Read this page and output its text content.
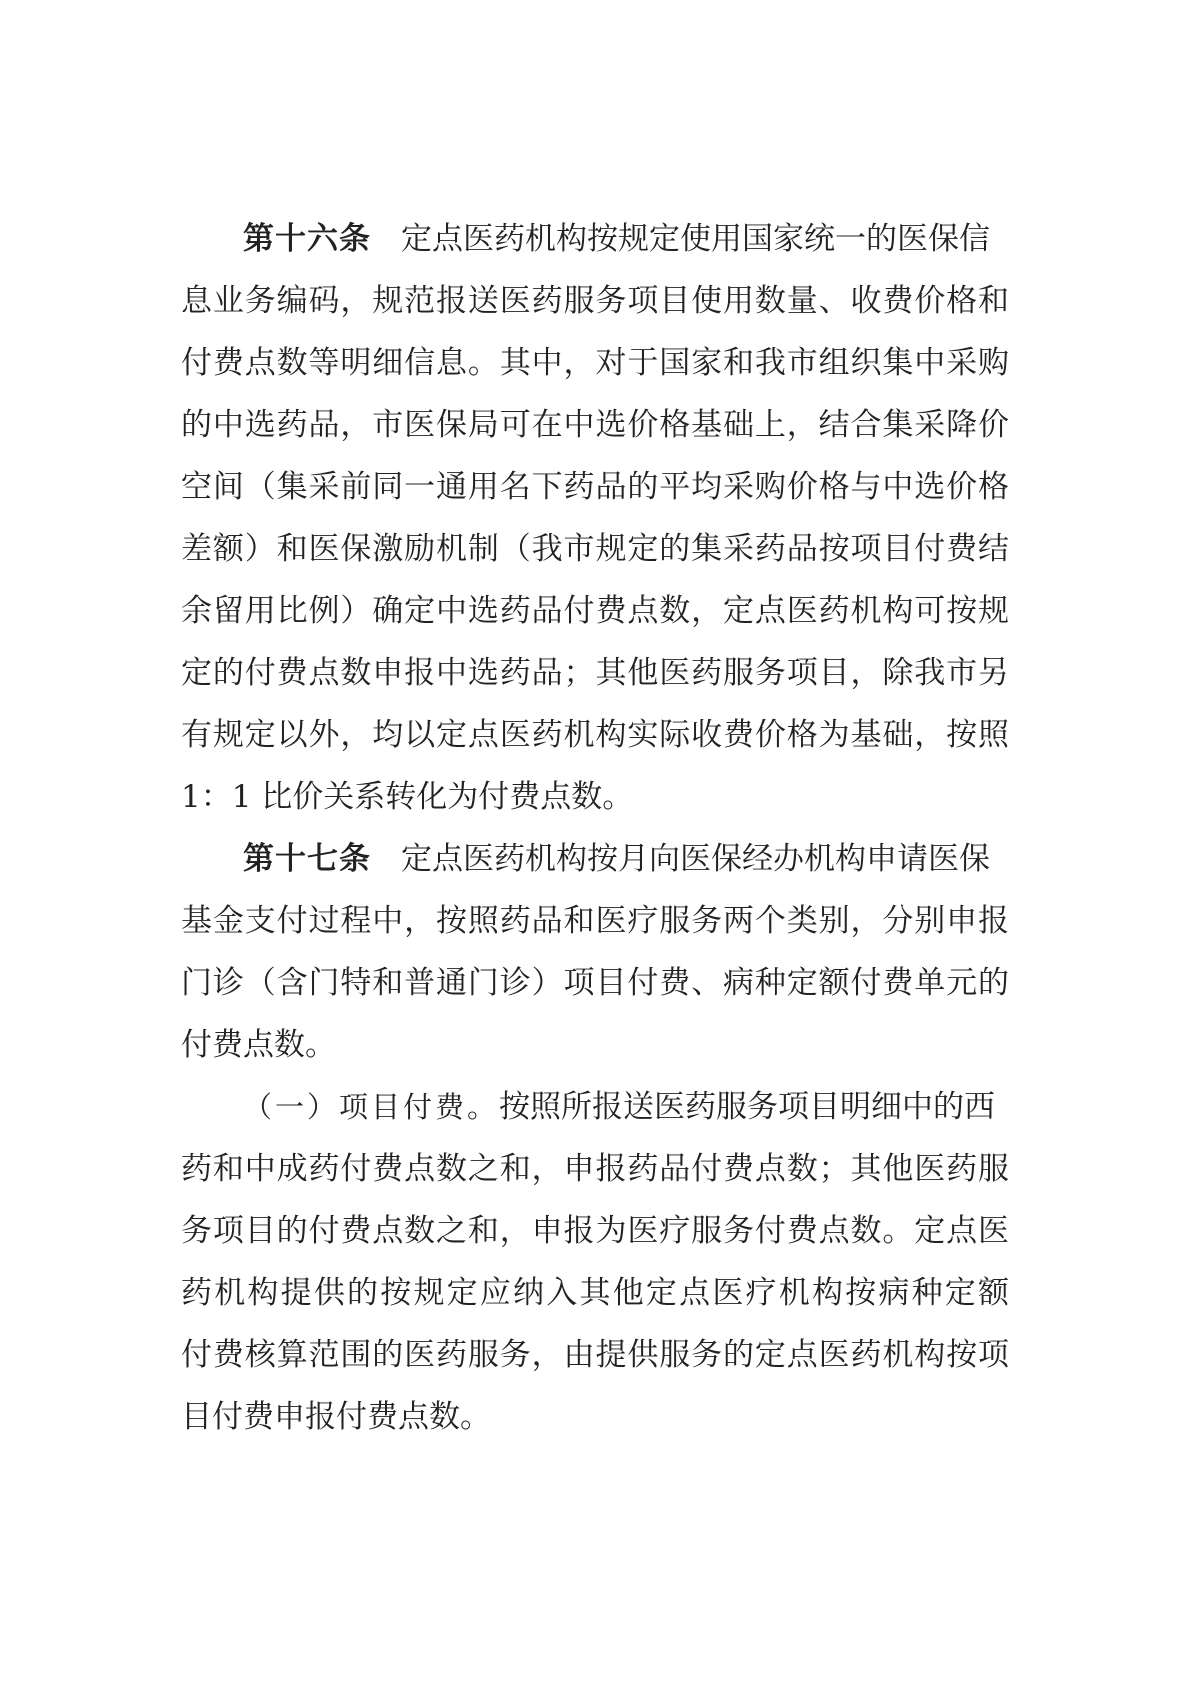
第十六条 定点医药机构按规定使用国家统一的医保信
息业务编码，规范报送医药服务项目使用数量、收费价格和
付费点数等明细信息。其中，对于国家和我市组织集中采购
的中选药品，市医保局可在中选价格基础上，结合集采降价
空间（集采前同一通用名下药品的平均采购价格与中选价格
差额）和医保激励机制（我市规定的集采药品按项目付费结
余留用比例）确定中选药品付费点数，定点医药机构可按规
定的付费点数申报中选药品；其他医药服务项目，除我市另
有规定以外，均以定点医药机构实际收费价格为基础，按照
1：1 比价关系转化为付费点数。
第十七条 定点医药机构按月向医保经办机构申请医保
基金支付过程中，按照药品和医疗服务两个类别，分别申报
门诊（含门特和普通门诊）项目付费、病种定额付费单元的
付费点数。
（一）项目付费。按照所报送医药服务项目明细中的西
药和中成药付费点数之和，申报药品付费点数；其他医药服
务项目的付费点数之和，申报为医疗服务付费点数。定点医
药机构提供的按规定应纳入其他定点医疗机构按病种定额
付费核算范围的医药服务，由提供服务的定点医药机构按项
目付费申报付费点数。
